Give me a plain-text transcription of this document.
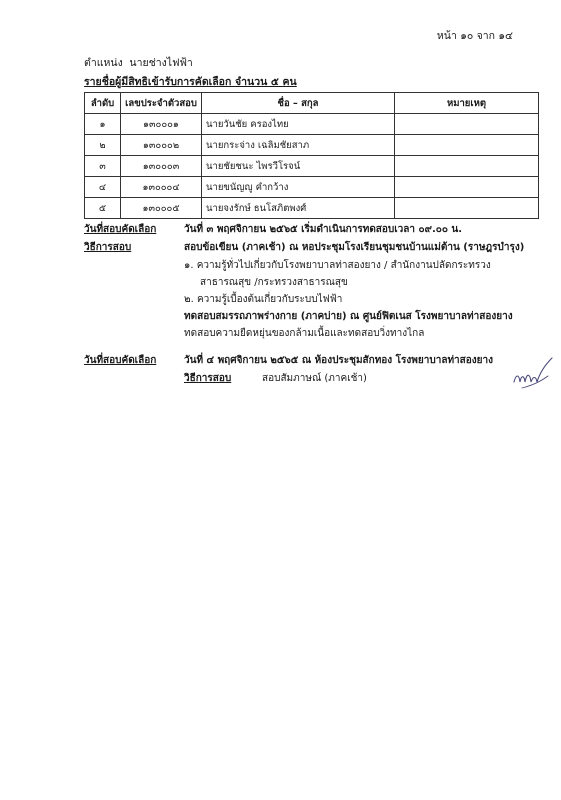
หน้า ๑๐ จาก ๑๔
ตำแหน่ง นายช่างไฟฟ้า
รายชื่อผู้มีสิทธิเข้ารับการคัดเลือก จำนวน ๕ คน
ลำดับ	เลขประจำตัวสอบ	ชื่อ – สกุล	หมายเหตุ
๑	๑๓๐๐๐๑	นายวันชัย ครองไทย	
๒	๑๓๐๐๐๒	นายกระจ่าง เฉลิมชัยสาภ	
๓	๑๓๐๐๐๓	นายชัยชนะ ไพรวีโรจน์	
๔	๑๓๐๐๐๔	นายขนัญญู คำกว้าง	
๕	๑๓๐๐๐๕	นายจงรักษ์ ธนโสภิตพงศ์	
วันที่สอบคัดเลือก	วันที่ ๓ พฤศจิกายน ๒๕๖๕ เริ่มดำเนินการทดสอบเวลา ๐๙.๐๐ น.
วิธีการสอบ	สอบข้อเขียน (ภาคเช้า) ณ หอประชุมโรงเรียนชุมชนบ้านแม่ต้าน (ราษฎรบำรุง)
๑. ความรู้ทั่วไปเกี่ยวกับโรงพยาบาลท่าสองยาง / สำนักงานปลัดกระทรวง
สาธารณสุข /กระทรวงสาธารณสุข
๒. ความรู้เบื้องต้นเกี่ยวกับระบบไฟฟ้า
ทดสอบสมรรถภาพร่างกาย (ภาคบ่าย) ณ ศูนย์ฟิตเนส โรงพยาบาลท่าสองยาง
ทดสอบความยืดหยุ่นของกล้ามเนื้อและทดสอบวิ่งทางไกล
วันที่สอบคัดเลือก	วันที่ ๔ พฤศจิกายน ๒๕๖๕ ณ ห้องประชุมสักทอง โรงพยาบาลท่าสองยาง
วิธีการสอบ	สอบสัมภาษณ์ (ภาคเช้า)
